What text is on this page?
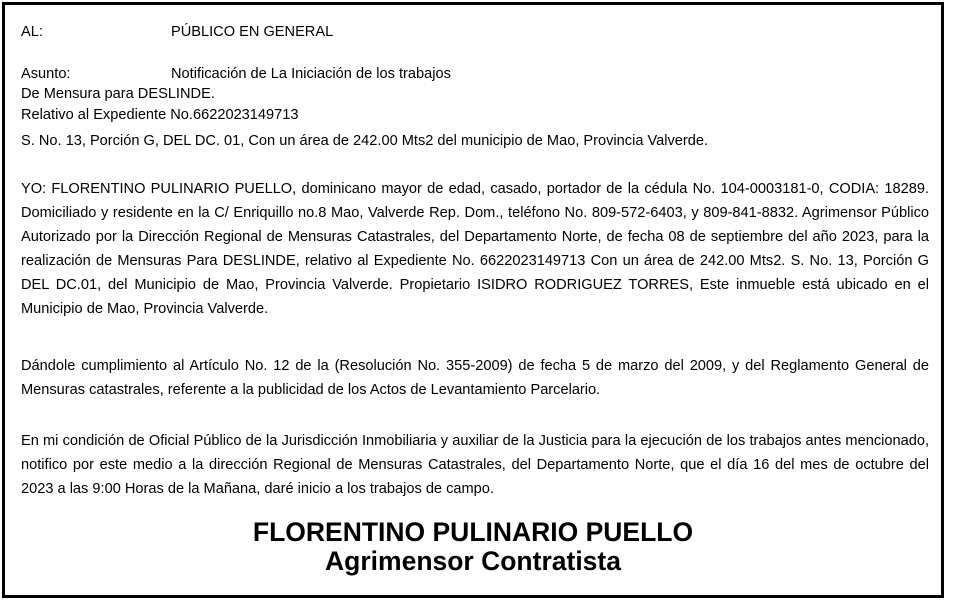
AL:	PÚBLICO EN GENERAL
Asunto:	Notificación de La Iniciación de los trabajos
De Mensura para DESLINDE.
Relativo al Expediente No.6622023149713
S. No. 13, Porción G, DEL DC. 01, Con un área de 242.00 Mts2 del municipio de Mao, Provincia Valverde.

YO: FLORENTINO PULINARIO PUELLO, dominicano mayor de edad, casado, portador de la cédula No. 104-0003181-0, CODIA: 18289. Domiciliado y residente en la C/ Enriquillo no.8 Mao, Valverde Rep. Dom., teléfono No. 809-572-6403, y 809-841-8832. Agrimensor Público Autorizado por la Dirección Regional de Mensuras Catastrales, del Departamento Norte, de fecha 08 de septiembre del año 2023, para la realización de Mensuras Para DESLINDE, relativo al Expediente No. 6622023149713 Con un área de 242.00 Mts2. S. No. 13, Porción G DEL DC.01, del Municipio de Mao, Provincia Valverde. Propietario ISIDRO RODRIGUEZ TORRES, Este inmueble está ubicado en el Municipio de Mao, Provincia Valverde.

Dándole cumplimiento al Artículo No. 12 de la (Resolución No. 355-2009) de fecha 5 de marzo del 2009, y del Reglamento General de Mensuras catastrales, referente a la publicidad de los Actos de Levantamiento Parcelario.

En mi condición de Oficial Público de la Jurisdicción Inmobiliaria y auxiliar de la Justicia para la ejecución de los trabajos antes mencionado, notifico por este medio a la dirección Regional de Mensuras Catastrales, del Departamento Norte, que el día 16 del mes de octubre del 2023 a las 9:00 Horas de la Mañana, daré inicio a los trabajos de campo.

FLORENTINO PULINARIO PUELLO

Agrimensor Contratista
